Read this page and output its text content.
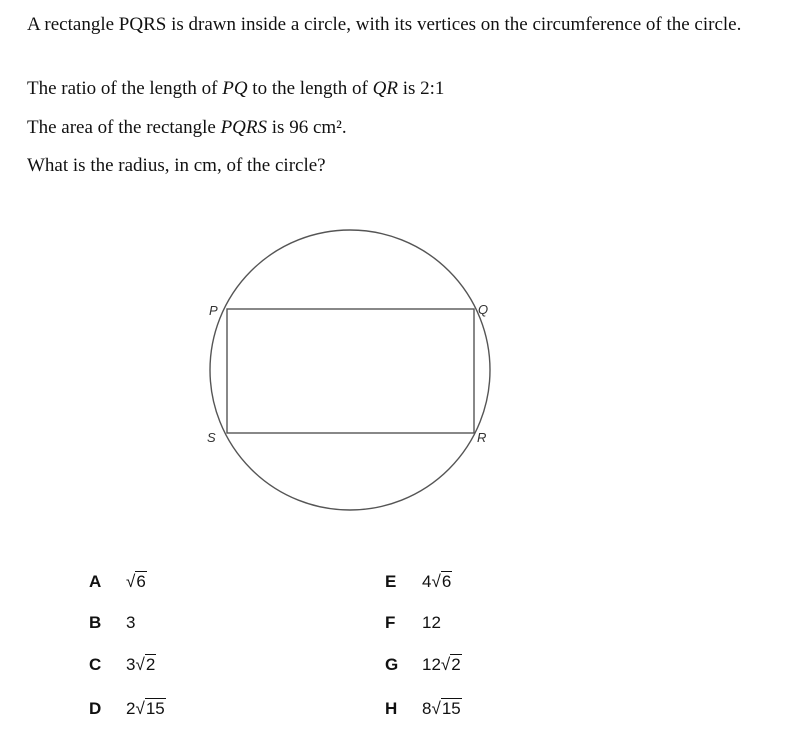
A rectangle PQRS is drawn inside a circle, with its vertices on the circumference of the circle.

The ratio of the length of PQ to the length of QR is 2:1

The area of the rectangle PQRS is 96 cm².

What is the radius, in cm, of the circle?

P	Q
R
S
A	√6
B	3
C	3√2
D	2√15
E	4√6
F	12
G	12√2
H	8√15
